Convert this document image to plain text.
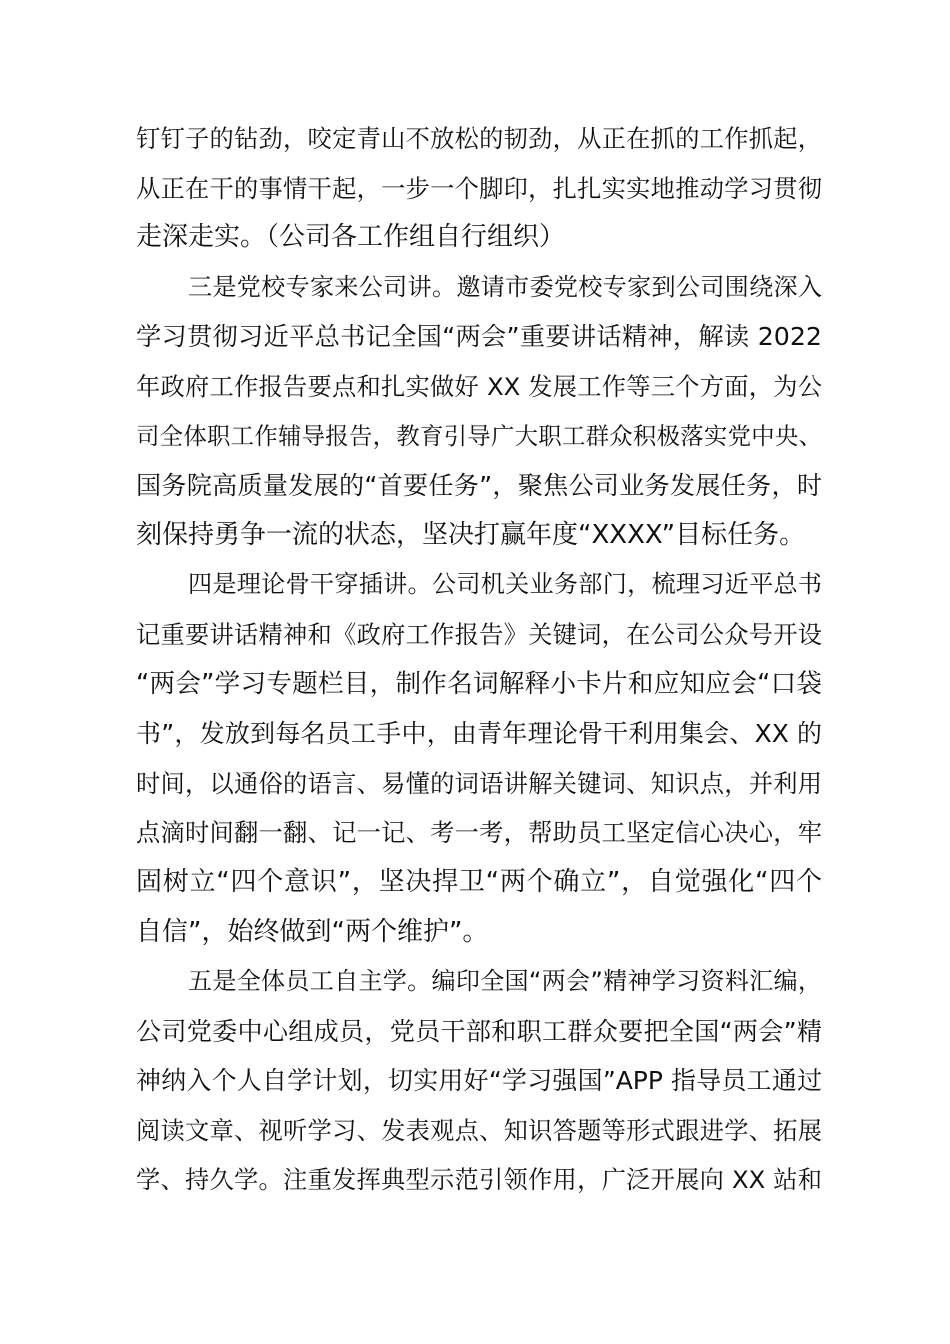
钉钉子的钻劲，咬定青山不放松的韧劲，从正在抓的工作抓起，
从正在干的事情干起，一步一个脚印，扎扎实实地推动学习贯彻
走深走实。（公司各工作组自行组织）
三是党校专家来公司讲。邀请市委党校专家到公司围绕深入
学习贯彻习近平总书记全国“两会”重要讲话精神，解读 2022
年政府工作报告要点和扎实做好 XX 发展工作等三个方面，为公
司全体职工作辅导报告，教育引导广大职工群众积极落实党中央、
国务院高质量发展的“首要任务”，聚焦公司业务发展任务，时
刻保持勇争一流的状态，坚决打赢年度“XXXX”目标任务。
四是理论骨干穿插讲。公司机关业务部门，梳理习近平总书
记重要讲话精神和《政府工作报告》关键词，在公司公众号开设
“两会”学习专题栏目，制作名词解释小卡片和应知应会“口袋
书”，发放到每名员工手中，由青年理论骨干利用集会、XX 的
时间，以通俗的语言、易懂的词语讲解关键词、知识点，并利用
点滴时间翻一翻、记一记、考一考，帮助员工坚定信心决心，牢
固树立“四个意识”，坚决捍卫“两个确立”，自觉强化“四个
自信”，始终做到“两个维护”。
五是全体员工自主学。编印全国“两会”精神学习资料汇编，
公司党委中心组成员，党员干部和职工群众要把全国“两会”精
神纳入个人自学计划，切实用好“学习强国”APP 指导员工通过
阅读文章、视听学习、发表观点、知识答题等形式跟进学、拓展
学、持久学。注重发挥典型示范引领作用，广泛开展向 XX 站和
